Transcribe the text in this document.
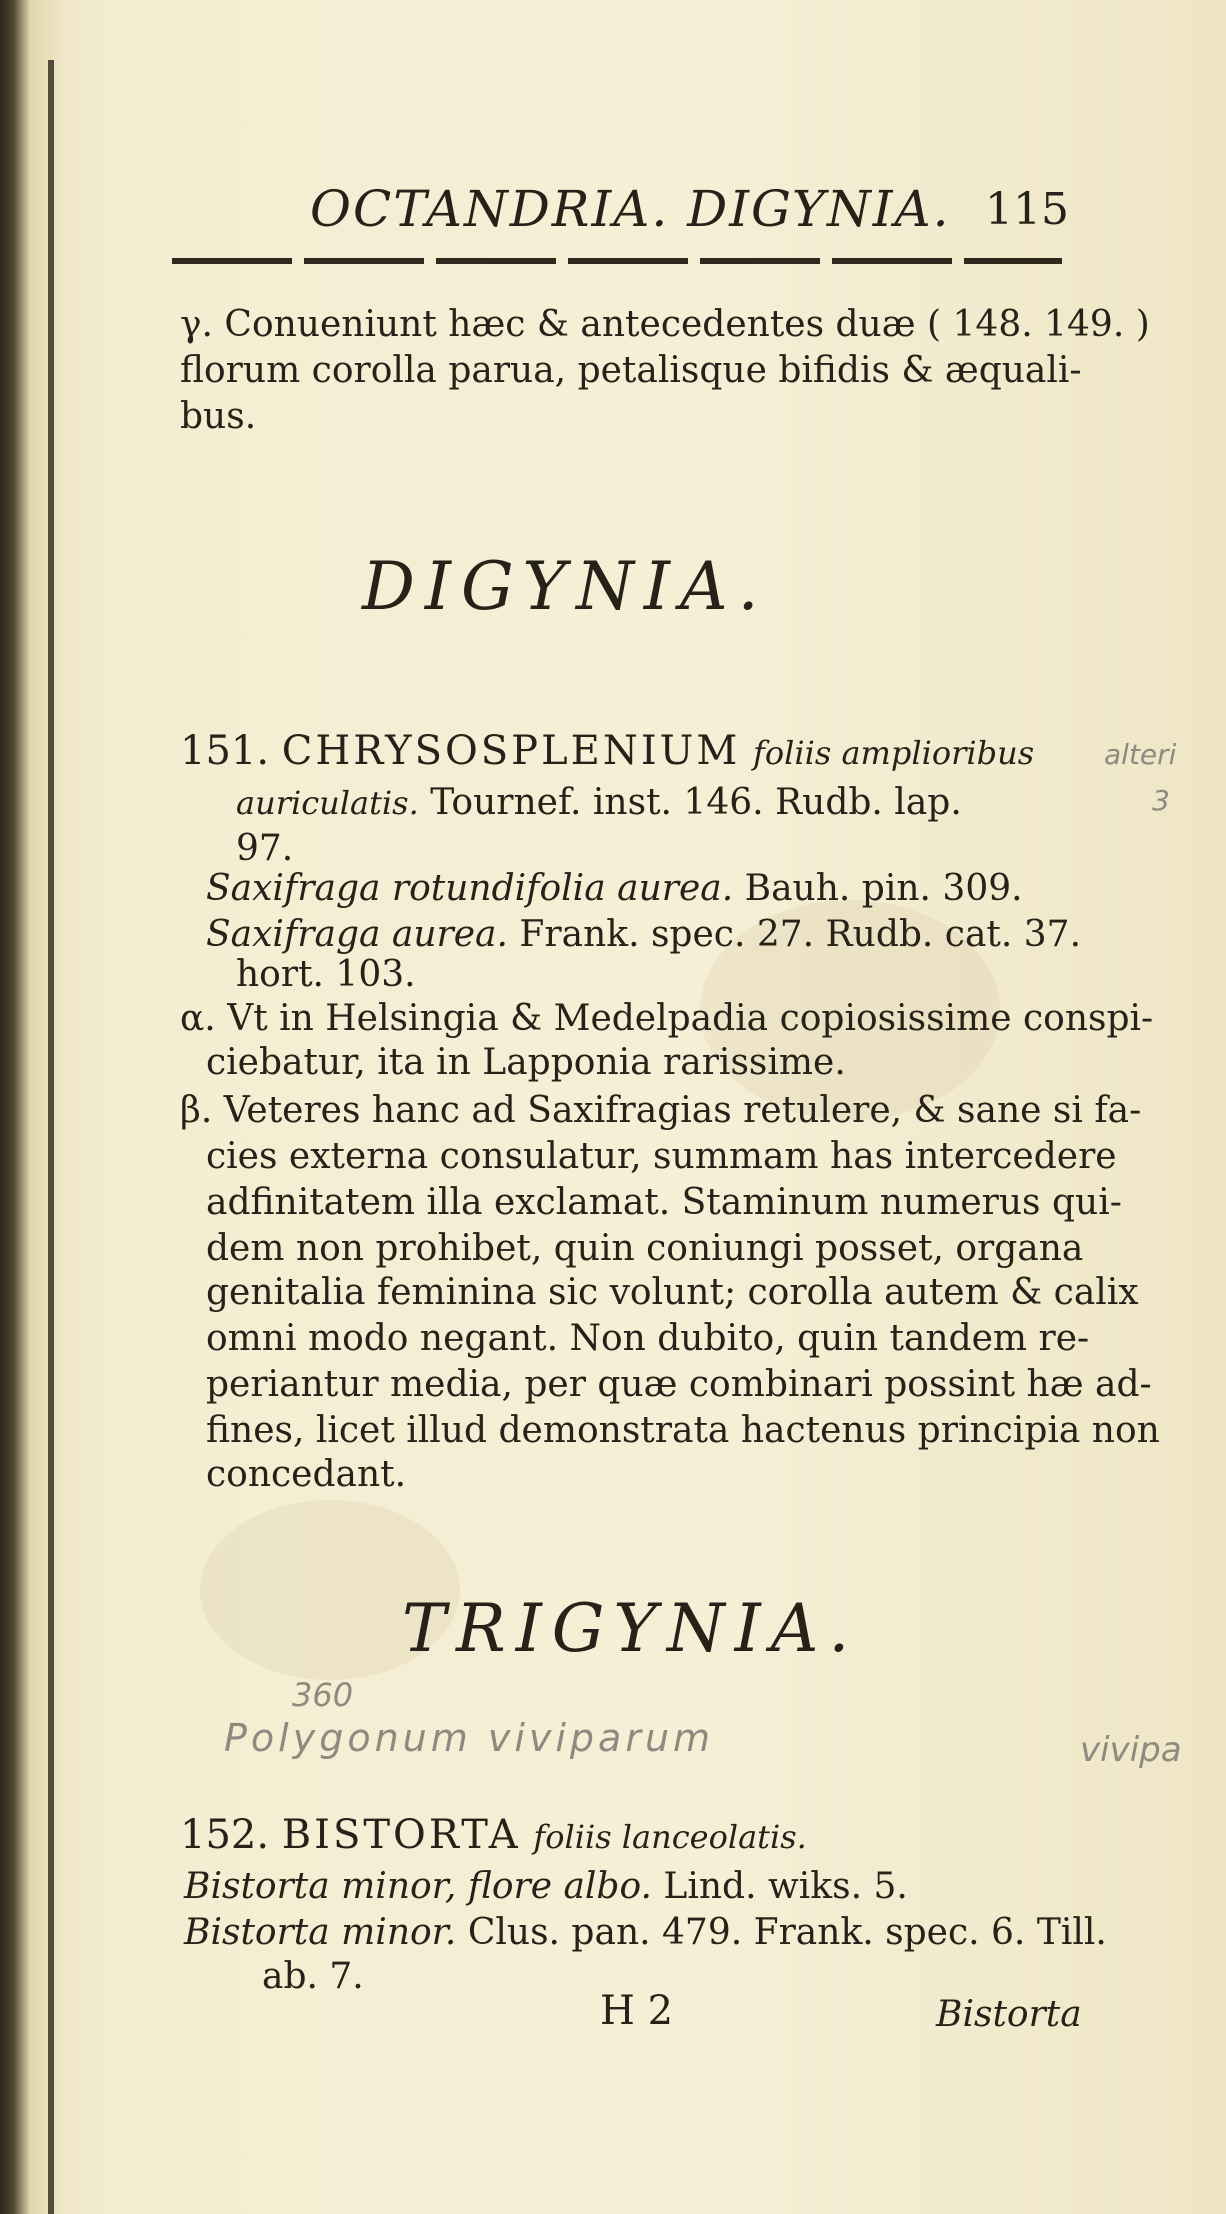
OCTANDRIA. DIGYNIA. 115
γ. Conueniunt hæc & antecedentes duæ ( 148. 149. )
florum corolla parua, petalisque bifidis & æquali-
bus.
DIGYNIA.
151. CHRYSOSPLENIUM foliis amplioribus
auriculatis. Tournef. inst. 146. Rudb. lap.
97.
Saxifraga rotundifolia aurea. Bauh. pin. 309.
Saxifraga aurea. Frank. spec. 27. Rudb. cat. 37.
hort. 103.
α. Vt in Helsingia & Medelpadia copiosissime conspi-
ciebatur, ita in Lapponia rarissime.
β. Veteres hanc ad Saxifragias retulere, & sane si fa-
cies externa consulatur, summam has intercedere
adfinitatem illa exclamat. Staminum numerus qui-
dem non prohibet, quin coniungi posset, organa
genitalia feminina sic volunt; corolla autem & calix
omni modo negant. Non dubito, quin tandem re-
periantur media, per quæ combinari possint hæ ad-
fines, licet illud demonstrata hactenus principia non
concedant.
alteri
3
TRIGYNIA.
360
Polygonum viviparum	vivipa
152. BISTORTA foliis lanceolatis.
Bistorta minor, flore albo. Lind. wiks. 5.
Bistorta minor. Clus. pan. 479. Frank. spec. 6. Till.
ab. 7.
H 2	Bistorta
